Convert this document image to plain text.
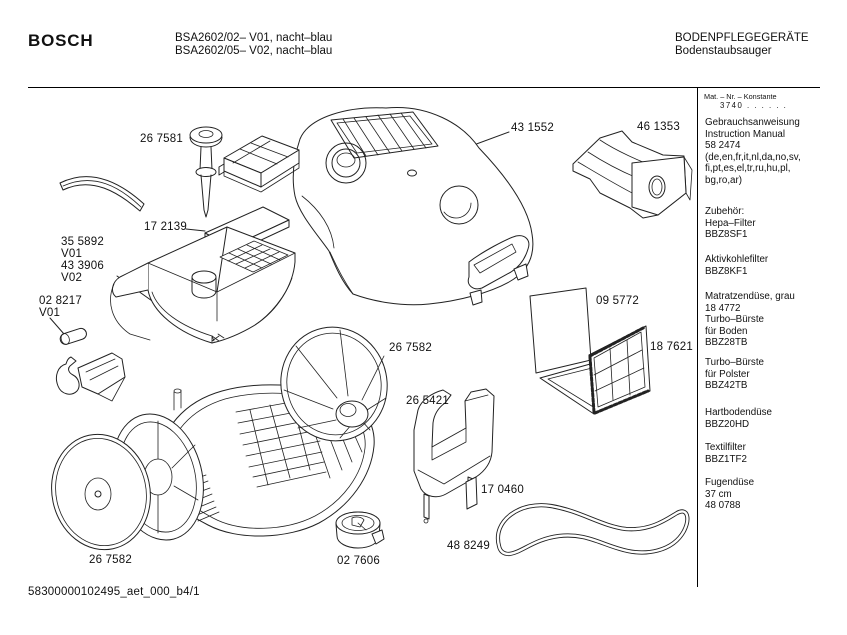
BOSCH	BSA2602/02– V01, nacht–blau
BSA2602/05– V02, nacht–blau
BODENPFLEGEGERÄTE
Bodenstaubsauger
26 7581
43 1552	46 1353
17 2139
35 5892
V01
43 3906
V02
02 8217
V01
09 5772
18 7621
26 7582
26 5421
17 0460
48 8249
26 7582	02 7606
Mat. – Nr. – Konstante
3740 . . . . . .
Gebrauchsanweisung
Instruction Manual
58 2474
(de,en,fr,it,nl,da,no,sv,
fi,pt,es,el,tr,ru,hu,pl,
bg,ro,ar)
Zubehör:
Hepa–Filter
BBZ8SF1
Aktivkohlefilter
BBZ8KF1
Matratzendüse, grau
18 4772
Turbo–Bürste
für Boden
BBZ28TB
Turbo–Bürste
für Polster
BBZ42TB
Hartbodendüse
BBZ20HD
Textilfilter
BBZ1TF2
Fugendüse
37 cm
48 0788
58300000102495_aet_000_b4/1
